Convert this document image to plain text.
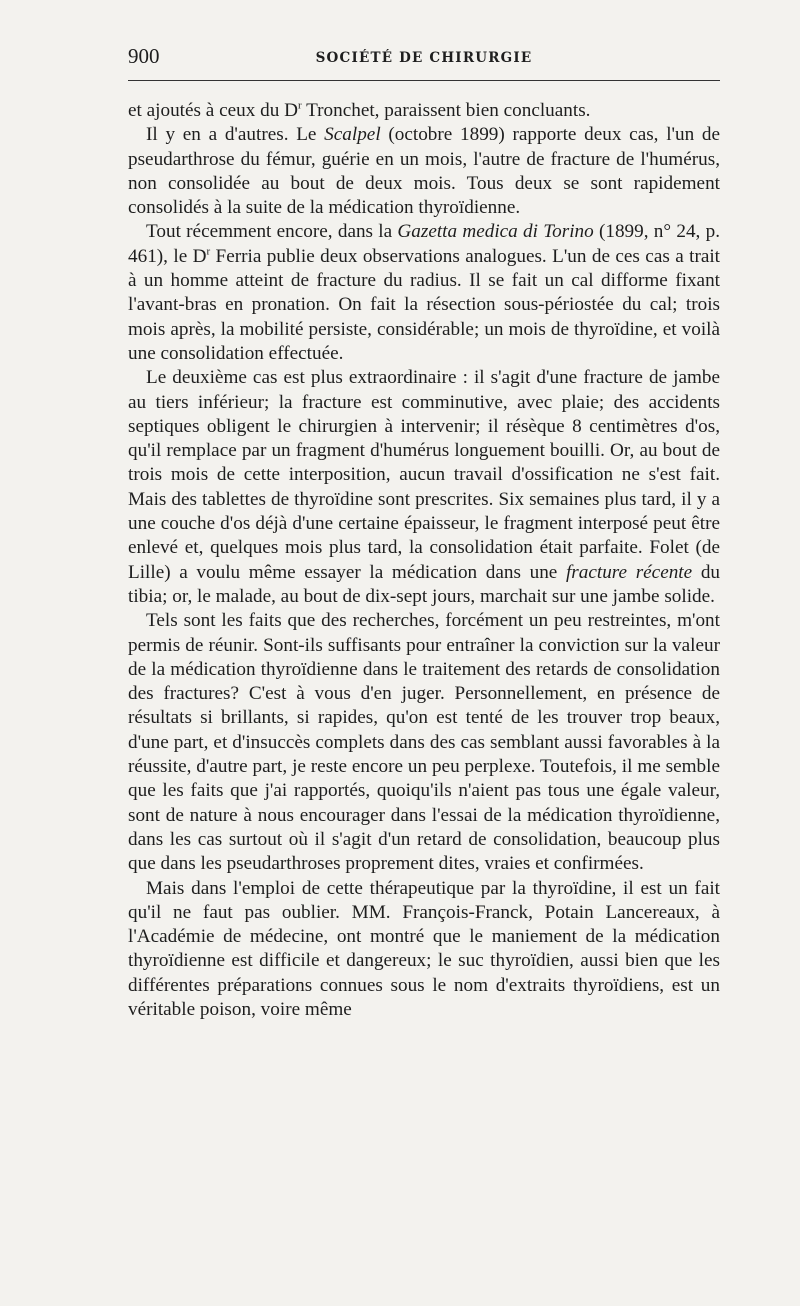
900	SOCIÉTÉ DE CHIRURGIE

et ajoutés à ceux du $D^r$ Tronchet, paraissent bien concluants.

Il y en a d'autres. Le Scalpel (octobre 1899) rapporte deux cas, l'un de pseudarthrose du fémur, guérie en un mois, l'autre de fracture de l'humérus, non consolidée au bout de deux mois. Tous deux se sont rapidement consolidés à la suite de la médication thyroïdienne.

Tout récemment encore, dans la Gazetta medica di Torino (1899, n° 24, p. 461), le $D^r$ Ferria publie deux observations analogues. L'un de ces cas a trait à un homme atteint de fracture du radius. Il se fait un cal difforme fixant l'avant-bras en pronation. On fait la résection sous-périostée du cal; trois mois après, la mobilité persiste, considérable; un mois de thyroïdine, et voilà une consolidation effectuée.

Le deuxième cas est plus extraordinaire : il s'agit d'une fracture de jambe au tiers inférieur; la fracture est comminutive, avec plaie; des accidents septiques obligent le chirurgien à intervenir; il résèque 8 centimètres d'os, qu'il remplace par un fragment d'humérus longuement bouilli. Or, au bout de trois mois de cette interposition, aucun travail d'ossification ne s'est fait. Mais des tablettes de thyroïdine sont prescrites. Six semaines plus tard, il y a une couche d'os déjà d'une certaine épaisseur, le fragment interposé peut être enlevé et, quelques mois plus tard, la consolidation était parfaite. Folet (de Lille) a voulu même essayer la médication dans une fracture récente du tibia; or, le malade, au bout de dix-sept jours, marchait sur une jambe solide.

Tels sont les faits que des recherches, forcément un peu restreintes, m'ont permis de réunir. Sont-ils suffisants pour entraîner la conviction sur la valeur de la médication thyroïdienne dans le traitement des retards de consolidation des fractures? C'est à vous d'en juger. Personnellement, en présence de résultats si brillants, si rapides, qu'on est tenté de les trouver trop beaux, d'une part, et d'insuccès complets dans des cas semblant aussi favorables à la réussite, d'autre part, je reste encore un peu perplexe. Toutefois, il me semble que les faits que j'ai rapportés, quoiqu'ils n'aient pas tous une égale valeur, sont de nature à nous encourager dans l'essai de la médication thyroïdienne, dans les cas surtout où il s'agit d'un retard de consolidation, beaucoup plus que dans les pseudarthroses proprement dites, vraies et confirmées.

Mais dans l'emploi de cette thérapeutique par la thyroïdine, il est un fait qu'il ne faut pas oublier. MM. François-Franck, Potain Lancereaux, à l'Académie de médecine, ont montré que le maniement de la médication thyroïdienne est difficile et dangereux; le suc thyroïdien, aussi bien que les différentes préparations connues sous le nom d'extraits thyroïdiens, est un véritable poison, voire même
